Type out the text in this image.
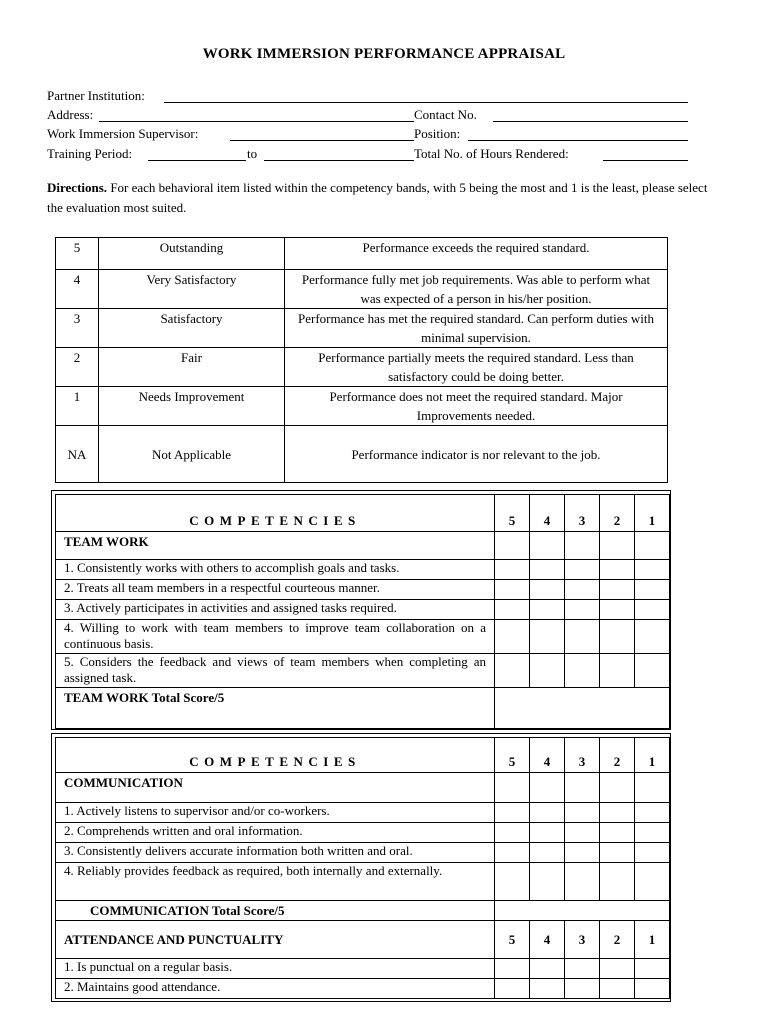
WORK IMMERSION PERFORMANCE APPRAISAL
Partner Institution:
Address:	Contact No.
Work Immersion Supervisor:	Position:
Training Period:	to	Total No. of Hours Rendered:
Directions. For each behavioral item listed within the competency bands, with 5 being the most and 1 is the least, please select the evaluation most suited.
5	Outstanding	Performance exceeds the required standard.
4	Very Satisfactory	Performance fully met job requirements. Was able to perform what was expected of a person in his/her position.
3	Satisfactory	Performance has met the required standard. Can perform duties with minimal supervision.
2	Fair	Performance partially meets the required standard. Less than satisfactory could be doing better.
1	Needs Improvement	Performance does not meet the required standard. Major Improvements needed.
NA	Not Applicable	Performance indicator is nor relevant to the job.
COMPETENCIES	5	4	3	2	1
TEAM WORK					
1. Consistently works with others to accomplish goals and tasks.					
2. Treats all team members in a respectful courteous manner.					
3. Actively participates in activities and assigned tasks required.					
4. Willing to work with team members to improve team collaboration on a continuous basis.					
5. Considers the feedback and views of team members when completing an assigned task.					
TEAM WORK Total Score/5					
COMPETENCIES	5	4	3	2	1
COMMUNICATION					
1. Actively listens to supervisor and/or co-workers.					
2. Comprehends written and oral information.					
3. Consistently delivers accurate information both written and oral.					
4. Reliably provides feedback as required, both internally and externally.					
COMMUNICATION Total Score/5					
ATTENDANCE AND PUNCTUALITY	5	4	3	2	1
1. Is punctual on a regular basis.					
2. Maintains good attendance.					
